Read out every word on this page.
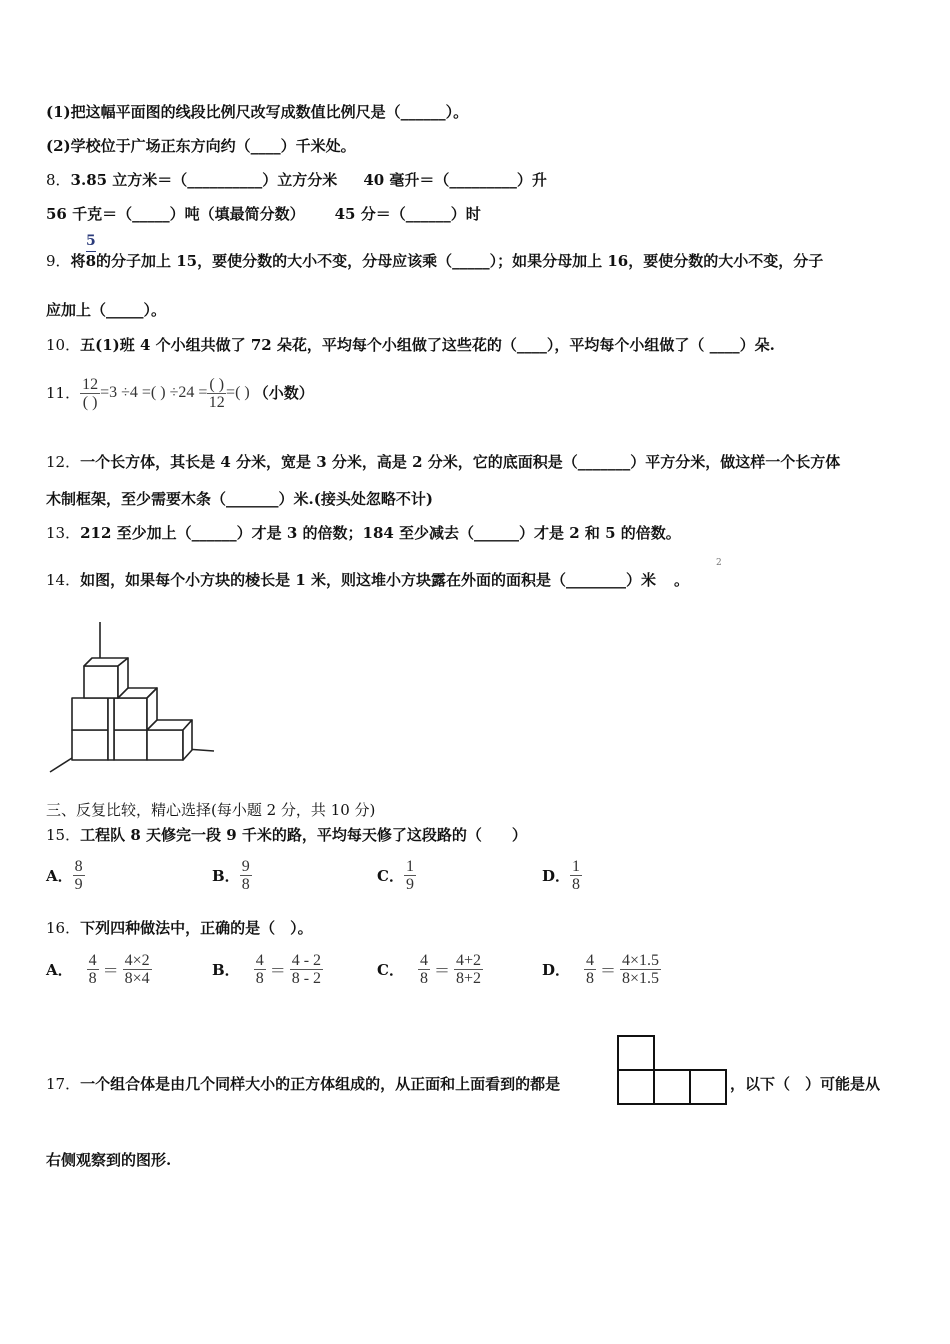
(1)把这幅平面图的线段比例尺改写成数值比例尺是（______）。
(2)学校位于广场正东方向约（____）千米处。
8．3.85 立方米＝（__________）立方分米 40 毫升＝（_________）升
56 千克＝（_____）吨（填最简分数） 45 分＝（______）时
5
9．将8的分子加上 15，要使分数的大小不变，分母应该乘（_____）；如果分母加上 16，要使分数的大小不变，分子
应加上（_____）。
10．五(1)班 4 个小组共做了 72 朵花，平均每个小组做了这些花的（____），平均每个小组做了（ ____）朵.
11． $\frac{12}{( )} =3 \div 4$ =( ) $\div 24 = \frac{( )}{12}$ =( ) （小数）
12．一个长方体，其长是 4 分米，宽是 3 分米，高是 2 分米，它的底面积是（_______）平方分米，做这样一个长方体
木制框架，至少需要木条（_______）米.(接头处忽略不计)
13．212 至少加上（______）才是 3 的倍数；184 至少减去（______）才是 2 和 5 的倍数。
14．如图，如果每个小方块的棱长是 1 米，则这堆小方块露在外面的面积是（________）米 。
2
三、反复比较，精心选择(每小题 2 分，共 10 分)
15．工程队 8 天修完一段 9 千米的路，平均每天修了这段路的（　　）
A． $\frac{8}{9}$	B． $\frac{9}{8}$	C． $\frac{1}{9}$	D． $\frac{1}{8}$
16．下列四种做法中，正确的是（　）。
A． $\frac{4}{8} = \frac{4\times 2}{8\times 4}$	B． $\frac{4}{8} = \frac{4 - 2}{8 - 2}$	C． $\frac{4}{8} = \frac{4+2}{8+2}$	D． $\frac{4}{8} = \frac{4\times 1.5}{8\times 1.5}$
17．一个组合体是由几个同样大小的正方体组成的，从正面和上面看到的都是	，以下（　）可能是从
右侧观察到的图形.
